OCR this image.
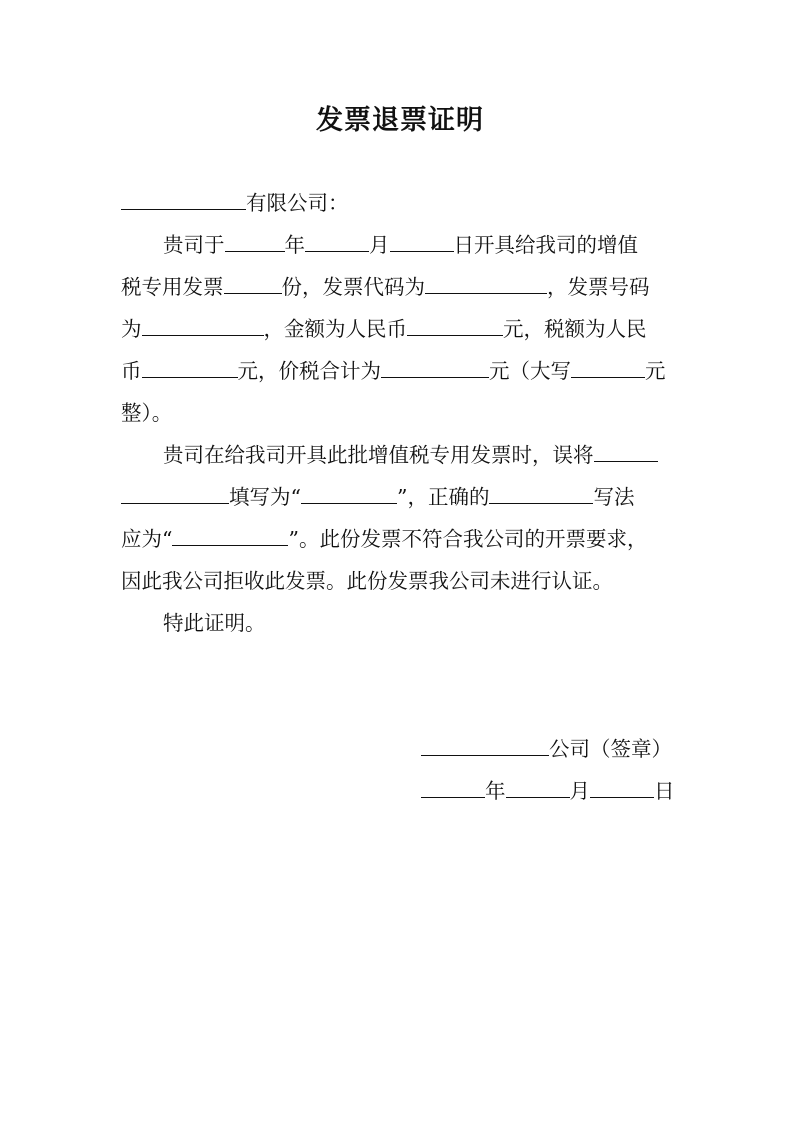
发票退票证明
有限公司：
贵司于	年	月	日开具给我司的增值
税专用发票	份，发票代码为	，发票号码
为	，金额为人民币	元，税额为人民
币	元，价税合计为	元（大写	元
整）。
贵司在给我司开具此批增值税专用发票时，误将
填写为“	”，正确的	写法
应为“	”。此份发票不符合我公司的开票要求，
因此我公司拒收此发票。此份发票我公司未进行认证。
特此证明。
公司（签章）
年	月	日
